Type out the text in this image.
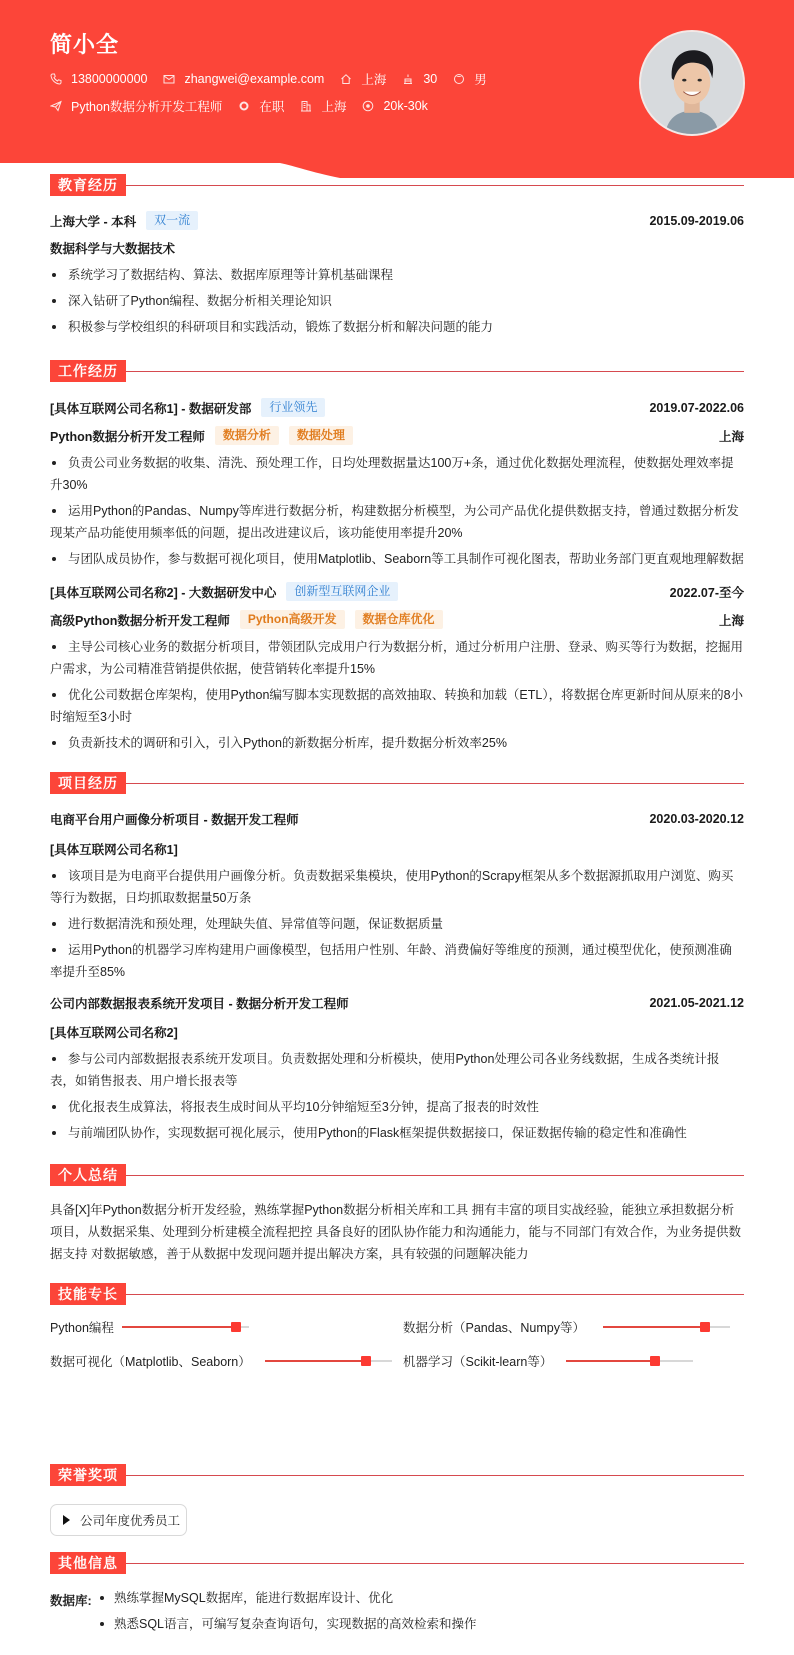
简小全
13800000000	zhangwei@example.com	上海	30	男
Python数据分析开发工程师	在职	上海	20k-30k
教育经历
上海大学 - 本科	双一流	2015.09-2019.06
数据科学与大数据技术
系统学习了数据结构、算法、数据库原理等计算机基础课程
深入钻研了Python编程、数据分析相关理论知识
积极参与学校组织的科研项目和实践活动，锻炼了数据分析和解决问题的能力
工作经历
[具体互联网公司名称1] - 数据研发部	行业领先	2019.07-2022.06
Python数据分析开发工程师	数据分析	数据处理	上海
负责公司业务数据的收集、清洗、预处理工作，日均处理数据量达100万+条，通过优化数据处理流程，使数据处理效率提升30%
运用Python的Pandas、Numpy等库进行数据分析，构建数据分析模型，为公司产品优化提供数据支持，曾通过数据分析发现某产品功能使用频率低的问题，提出改进建议后，该功能使用率提升20%
与团队成员协作，参与数据可视化项目，使用Matplotlib、Seaborn等工具制作可视化图表，帮助业务部门更直观地理解数据
[具体互联网公司名称2] - 大数据研发中心	创新型互联网企业	2022.07-至今
高级Python数据分析开发工程师	Python高级开发	数据仓库优化	上海
主导公司核心业务的数据分析项目，带领团队完成用户行为数据分析，通过分析用户注册、登录、购买等行为数据，挖掘用户需求，为公司精准营销提供依据，使营销转化率提升15%
优化公司数据仓库架构，使用Python编写脚本实现数据的高效抽取、转换和加载（ETL），将数据仓库更新时间从原来的8小时缩短至3小时
负责新技术的调研和引入，引入Python的新数据分析库，提升数据分析效率25%
项目经历
电商平台用户画像分析项目 - 数据开发工程师	2020.03-2020.12
[具体互联网公司名称1]
该项目是为电商平台提供用户画像分析。负责数据采集模块，使用Python的Scrapy框架从多个数据源抓取用户浏览、购买等行为数据，日均抓取数据量50万条
进行数据清洗和预处理，处理缺失值、异常值等问题，保证数据质量
运用Python的机器学习库构建用户画像模型，包括用户性别、年龄、消费偏好等维度的预测，通过模型优化，使预测准确率提升至85%
公司内部数据报表系统开发项目 - 数据分析开发工程师	2021.05-2021.12
[具体互联网公司名称2]
参与公司内部数据报表系统开发项目。负责数据处理和分析模块，使用Python处理公司各业务线数据，生成各类统计报表，如销售报表、用户增长报表等
优化报表生成算法，将报表生成时间从平均10分钟缩短至3分钟，提高了报表的时效性
与前端团队协作，实现数据可视化展示，使用Python的Flask框架提供数据接口，保证数据传输的稳定性和准确性
个人总结
具备[X]年Python数据分析开发经验，熟练掌握Python数据分析相关库和工具 拥有丰富的项目实战经验，能独立承担数据分析项目，从数据采集、处理到分析建模全流程把控 具备良好的团队协作能力和沟通能力，能与不同部门有效合作，为业务提供数据支持 对数据敏感，善于从数据中发现问题并提出解决方案，具有较强的问题解决能力
技能专长
Python编程	数据分析（Pandas、Numpy等）
数据可视化（Matplotlib、Seaborn）	机器学习（Scikit-learn等）
荣誉奖项
公司年度优秀员工
其他信息
数据库:	熟练掌握MySQL数据库，能进行数据库设计、优化
熟悉SQL语言，可编写复杂查询语句，实现数据的高效检索和操作
